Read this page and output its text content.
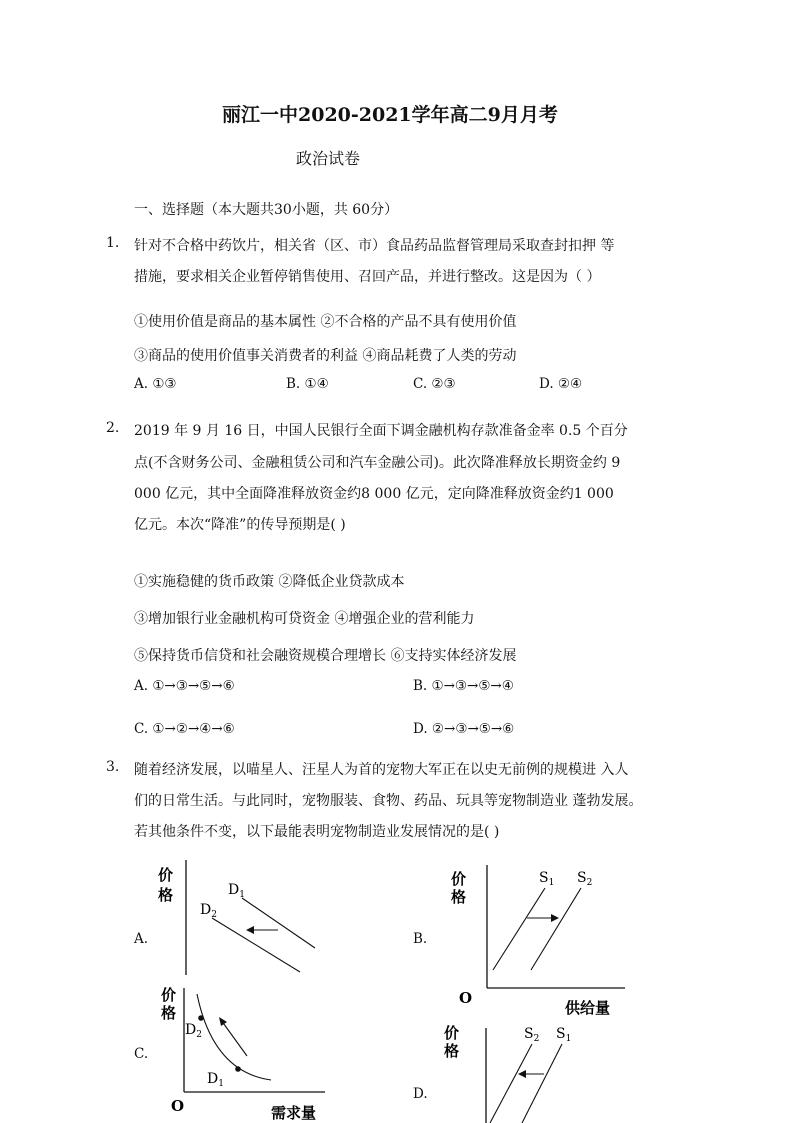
丽江一中2020-2021学年高二9月月考
政治试卷
一、选择题（本大题共30小题，共 60分）
1. 针对不合格中药饮片，相关省（区、市）食品药品监督管理局采取查封扣押 等
措施，要求相关企业暂停销售使用、召回产品，并进行整改。这是因为（ ）
①使用价值是商品的基本属性 ②不合格的产品不具有使用价值
③商品的使用价值事关消费者的利益 ④商品耗费了人类的劳动
A. ①③	B. ①④	C. ②③	D. ②④
2. 2019 年 9 月 16 日，中国人民银行全面下调金融机构存款准备金率 0.5 个百分
点(不含财务公司、金融租赁公司和汽车金融公司)。此次降准释放长期资金约 9
000 亿元，其中全面降准释放资金约8 000 亿元，定向降准释放资金约1 000
亿元。本次“降准”的传导预期是( )
①实施稳健的货币政策 ②降低企业贷款成本
③增加银行业金融机构可贷资金 ④增强企业的营利能力
⑤保持货币信贷和社会融资规模合理增长 ⑥支持实体经济发展
A. ①→③→⑤→⑥	B. ①→③→⑤→④
C. ①→②→④→⑥	D. ②→③→⑤→⑥
3. 随着经济发展，以喵星人、汪星人为首的宠物大军正在以史无前例的规模进 入人
们的日常生活。与此同时，宠物服装、食物、药品、玩具等宠物制造业 蓬勃发展。
若其他条件不变，以下最能表明宠物制造业发展情况的是( )
A.	B.
C.
D.
价
格	$D_1$
$D_2$
价
格
O
供给量
$S_1$ $S_2$
价
格
O	需求量
$D_2$
$D_1$
价
格
$S_2$ $S_1$
